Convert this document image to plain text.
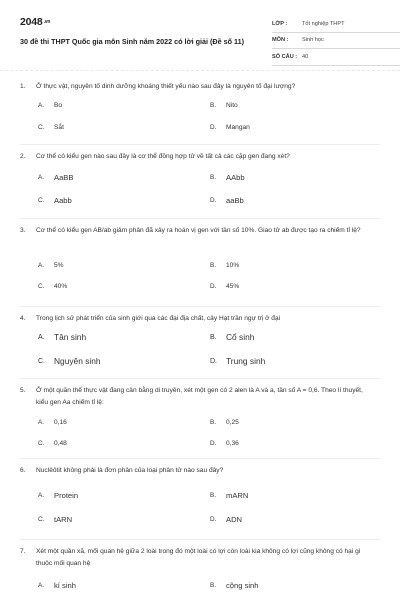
2048.vn
30 đề thi THPT Quốc gia môn Sinh năm 2022 có lời giải (Đề số 11)
LỚP :	Tốt nghiệp THPT
MÔN :	Sinh học
SỐ CÂU : 40
1.	Ở thực vật, nguyên tố dinh dưỡng khoáng thiết yếu nào sau đây là nguyên tố đại lượng?
A.	Bo	B.	Nito
C.	Sắt	D.	Mangan
2.	Cơ thể có kiểu gen nào sau đây là cơ thể đồng hợp tử về tất cả các cặp gen đang xét?
A.	AaBB	B.	AAbb
C.	Aabb	D.	aaBb
3.	Cơ thể có kiểu gen AB/ab giảm phân đã xảy ra hoán vị gen với tần số 10%. Giao tử ab được tạo ra chiếm tỉ lệ?
A.	5%	B.	10%
C.	40%	D.	45%
4.	Trong lịch sử phát triển của sinh giới qua các đại địa chất, cây Hạt trần ngự trị ở đại
A.	Tân sinh	B.	Cổ sinh
C.	Nguyên sinh	D.	Trung sinh
5.	Ở một quần thể thực vật đang cân bằng di truyền, xét một gen có 2 alen là A và a, tần số A = 0,6. Theo lí thuyết, kiểu gen Aa chiếm tỉ lệ:
A.	0,16	B.	0,25
C.	0,48	D.	0,36
6.	Nuclêôtit không phải là đơn phân của loại phân tử nào sau đây?
A.	Protein	B.	mARN
C.	tARN	D.	ADN
7.	Xét một quần xã, mối quan hệ giữa 2 loài trong đó một loài có lợi còn loài kia không có lợi cũng không có hại gì thuộc mối quan hệ
A.	kí sinh	B.	cộng sinh
